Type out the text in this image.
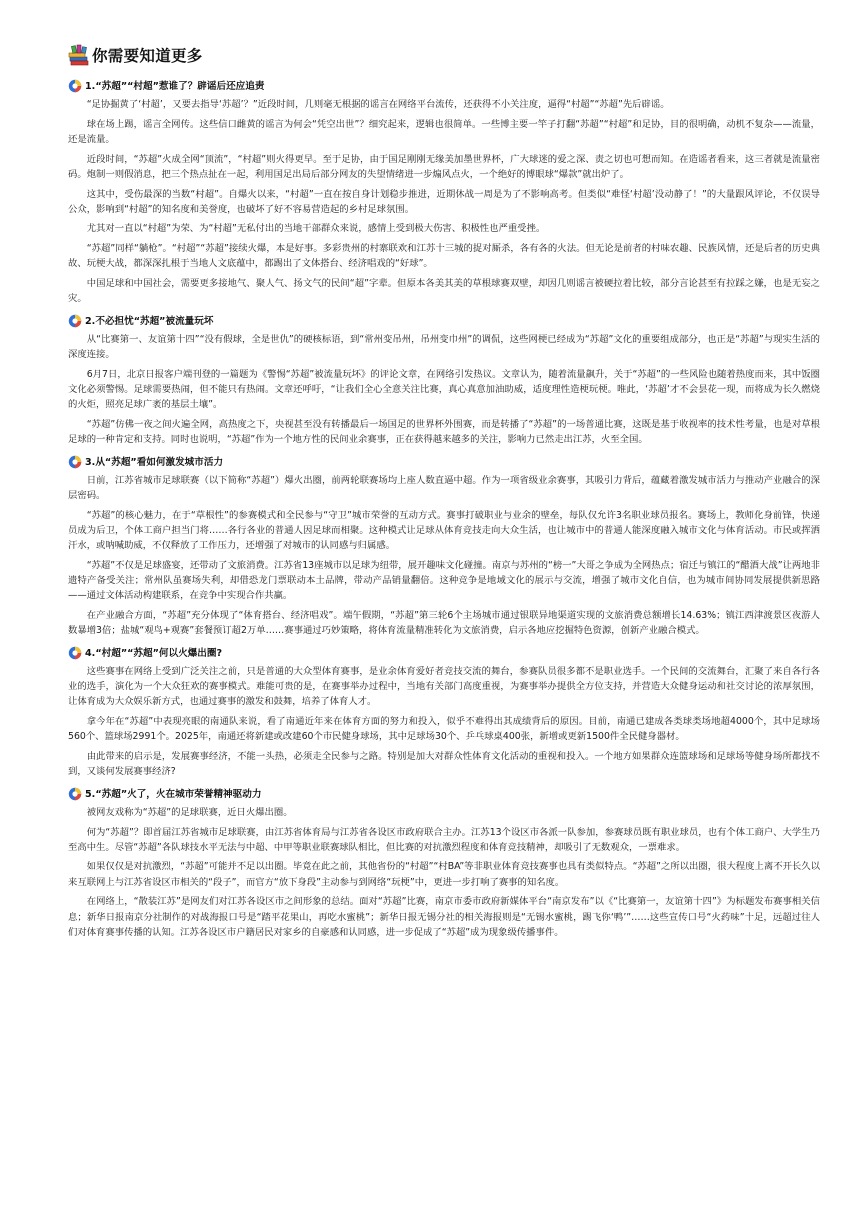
你需要知道更多
1.“苏超”“村超”惹谁了？辟谣后还应追责

“足协掘黄了‘村超’，又要去指导‘苏超’？”近段时间，几则毫无根据的谣言在网络平台流传，还获得不小关注度，逼得“村超”“苏超”先后辟谣。

球在场上踢，谣言全网传。这些信口雌黄的谣言为何会“凭空出世”？细究起来，逻辑也很简单。一些博主要一竿子打翻“苏超”“村超”和足协，目的很明确，动机不复杂——流量，还是流量。

近段时间，“苏超”火成全网“顶流”，“村超”则火得更早。至于足协，由于国足刚刚无缘美加墨世界杯，广大球迷的爱之深、责之切也可想而知。在造谣者看来，这三者就是流量密码。炮制一则假消息，把三个热点扯在一起，利用国足出局后部分网友的失望情绪进一步煽风点火，一个绝好的博眼球“爆款”就出炉了。

这其中，受伤最深的当数“村超”。自爆火以来，“村超”一直在按自身计划稳步推进，近期休战一周是为了不影响高考。但类似“难怪‘村超’没动静了！”的大量跟风评论，不仅误导公众，影响到“村超”的知名度和美誉度，也破坏了好不容易营造起的乡村足球氛围。

尤其对一直以“村超”为荣、为“村超”无私付出的当地干部群众来说，感情上受到极大伤害、积极性也严重受挫。

“苏超”同样“躺枪”。“村超”“苏超”接续火爆，本是好事。多彩贵州的村寨联欢和江苏十三城的捉对厮杀，各有各的火法。但无论是前者的村味农趣、民族风情，还是后者的历史典故、玩梗大战，都深深扎根于当地人文底蕴中，都踢出了文体搭台、经济唱戏的“好球”。

中国足球和中国社会，需要更多接地气、聚人气、扬文气的民间“超”字辈。但原本各美其美的草根球赛双壁，却因几则谣言被硬拉着比较，部分言论甚至有拉踩之嫌，也是无妄之灾。

2.不必担忧“苏超”被流量玩坏

从“比赛第一、友谊第十四”“没有假球，全是世仇”的硬核标语，到“常州变吊州，吊州变巾州”的调侃，这些网梗已经成为“苏超”文化的重要组成部分，也正是“苏超”与现实生活的深度连接。

6月7日，北京日报客户端刊登的一篇题为《警惕“苏超”被流量玩坏》的评论文章，在网络引发热议。文章认为，随着流量飙升，关于“苏超”的一些风险也随着热度而来，其中饭圈文化必须警惕。足球需要热闹，但不能只有热闹。文章还呼吁，“让我们全心全意关注比赛，真心真意加油助威，适度理性造梗玩梗。唯此，‘苏超’才不会昙花一现，而将成为长久燃烧的火炬，照亮足球广袤的基层土壤”。

“苏超”仿佛一夜之间火遍全网，高热度之下，央视甚至没有转播最后一场国足的世界杯外围赛，而是转播了“苏超”的一场普通比赛，这既是基于收视率的技术性考量，也是对草根足球的一种肯定和支持。同时也说明，“苏超”作为一个地方性的民间业余赛事，正在获得越来越多的关注，影响力已然走出江苏，火至全国。

3.从“苏超”看如何激发城市活力

日前，江苏省城市足球联赛（以下简称“苏超”）爆火出圈，前两轮联赛场均上座人数直逼中超。作为一项省级业余赛事，其吸引力背后，蕴藏着激发城市活力与推动产业融合的深层密码。

“苏超”的核心魅力，在于“草根性”的参赛模式和全民参与“守卫”城市荣誉的互动方式。赛事打破职业与业余的壁垒，每队仅允许3名职业球员报名。赛场上，教师化身前锋，快递员成为后卫，个体工商户担当门将……各行各业的普通人因足球而相聚。这种模式让足球从体育竞技走向大众生活，也让城市中的普通人能深度融入城市文化与体育活动。市民或挥洒汗水，或呐喊助威，不仅释放了工作压力，还增强了对城市的认同感与归属感。

“苏超”不仅是足球盛宴，还带动了文旅消费。江苏省13座城市以足球为纽带，展开趣味文化碰撞。南京与苏州的“榜一”大哥之争成为全网热点；宿迁与镇江的“醋酒大战”让两地非遗特产备受关注；常州队虽赛场失利，却借恐龙门票联动本土品牌，带动产品销量翻倍。这种竞争是地域文化的展示与交流，增强了城市文化自信，也为城市间协同发展提供新思路——通过文体活动构建联系，在竞争中实现合作共赢。

在产业融合方面，“苏超”充分体现了“体育搭台、经济唱戏”。端午假期，“苏超”第三轮6个主场城市通过银联异地渠道实现的文旅消费总额增长14.63%；镇江西津渡景区夜游人数暴增3倍；盐城“观鸟+观赛”套餐预订超2万单……赛事通过巧妙策略，将体育流量精准转化为文旅消费，启示各地应挖掘特色资源，创新产业融合模式。

4.“村超”“苏超”何以火爆出圈?

这些赛事在网络上受到广泛关注之前，只是普通的大众型体育赛事，是业余体育爱好者竞技交流的舞台，参赛队员很多都不是职业选手。一个民间的交流舞台，汇聚了来自各行各业的选手，演化为一个大众狂欢的赛事模式。难能可贵的是，在赛事举办过程中，当地有关部门高度重视，为赛事举办提供全方位支持，并营造大众健身运动和社交讨论的浓厚氛围，让体育成为大众娱乐新方式，也通过赛事的激发和鼓舞，培养了体育人才。

拿今年在“苏超”中表现亮眼的南通队来说，看了南通近年来在体育方面的努力和投入，似乎不难得出其成绩背后的原因。目前，南通已建成各类球类场地超4000个，其中足球场560个、篮球场2991个。2025年，南通还将新建或改建60个市民健身球场，其中足球场30个、乒乓球桌400张，新增或更新1500件全民健身器材。

由此带来的启示是，发展赛事经济，不能一头热，必须走全民参与之路。特别是加大对群众性体育文化活动的重视和投入。一个地方如果群众连篮球场和足球场等健身场所都找不到，又谈何发展赛事经济?

5.“苏超”火了，火在城市荣誉精神驱动力

被网友戏称为“苏超”的足球联赛，近日火爆出圈。

何为“苏超”？即首届江苏省城市足球联赛，由江苏省体育局与江苏省各设区市政府联合主办。江苏13个设区市各派一队参加，参赛球员既有职业球员，也有个体工商户、大学生乃至高中生。尽管“苏超”各队球技水平无法与中超、中甲等职业联赛球队相比，但比赛的对抗激烈程度和体育竞技精神，却吸引了无数观众，一票难求。

如果仅仅是对抗激烈，“苏超”可能并不足以出圈。毕竟在此之前，其他省份的“村超”“村BA”等非职业体育竞技赛事也具有类似特点。“苏超”之所以出圈，很大程度上离不开长久以来互联网上与江苏省设区市相关的“段子”，而官方“放下身段”主动参与到网络“玩梗”中，更进一步打响了赛事的知名度。

在网络上，“散装江苏”是网友们对江苏各设区市之间形象的总结。面对“苏超”比赛，南京市委市政府新媒体平台“南京发布”以《“比赛第一，友谊第十四”》为标题发布赛事相关信息；新华日报南京分社制作的对战海报口号是“踏平花果山，再吃水蜜桃”；新华日报无锡分社的相关海报则是“无锡水蜜桃，踢飞你‘鸭’”……这些宣传口号“火药味”十足，远超过往人们对体育赛事传播的认知。江苏各设区市户籍居民对家乡的自豪感和认同感，进一步促成了“苏超”成为现象级传播事件。
